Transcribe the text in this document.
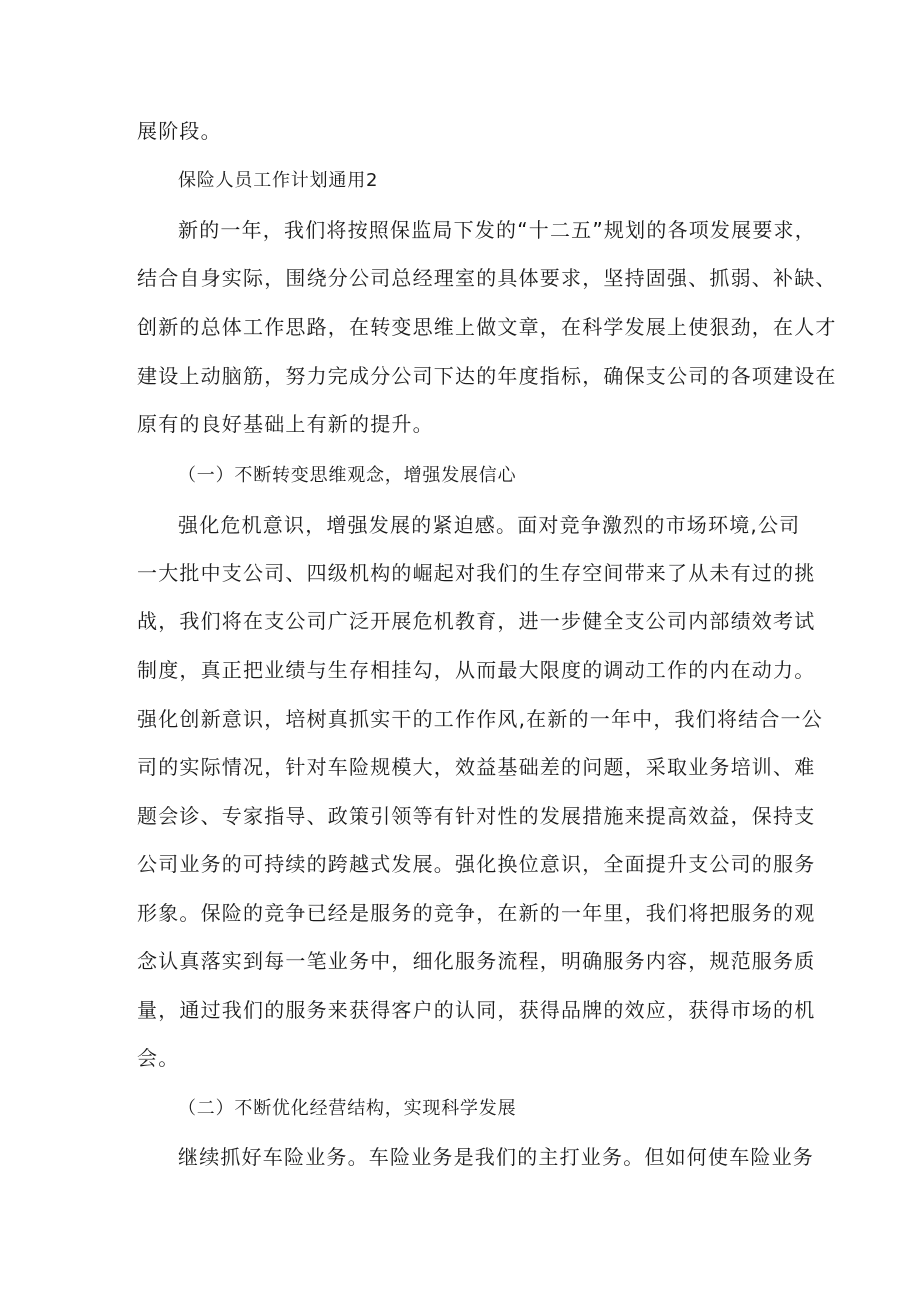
展阶段。
保险人员工作计划通用2
新的一年，我们将按照保监局下发的“十二五”规划的各项发展要求，
结合自身实际，围绕分公司总经理室的具体要求，坚持固强、抓弱、补缺、
创新的总体工作思路，在转变思维上做文章，在科学发展上使狠劲，在人才
建设上动脑筋，努力完成分公司下达的年度指标，确保支公司的各项建设在
原有的良好基础上有新的提升。
（一）不断转变思维观念，增强发展信心
强化危机意识，增强发展的紧迫感。面对竞争激烈的市场环境,公司
一大批中支公司、四级机构的崛起对我们的生存空间带来了从未有过的挑
战，我们将在支公司广泛开展危机教育，进一步健全支公司内部绩效考试
制度，真正把业绩与生存相挂勾，从而最大限度的调动工作的内在动力。
强化创新意识，培树真抓实干的工作作风,在新的一年中，我们将结合一公
司的实际情况，针对车险规模大，效益基础差的问题，采取业务培训、难
题会诊、专家指导、政策引领等有针对性的发展措施来提高效益，保持支
公司业务的可持续的跨越式发展。强化换位意识，全面提升支公司的服务
形象。保险的竞争已经是服务的竞争，在新的一年里，我们将把服务的观
念认真落实到每一笔业务中，细化服务流程，明确服务内容，规范服务质
量，通过我们的服务来获得客户的认同，获得品牌的效应，获得市场的机
会。
（二）不断优化经营结构，实现科学发展
继续抓好车险业务。车险业务是我们的主打业务。但如何使车险业务
